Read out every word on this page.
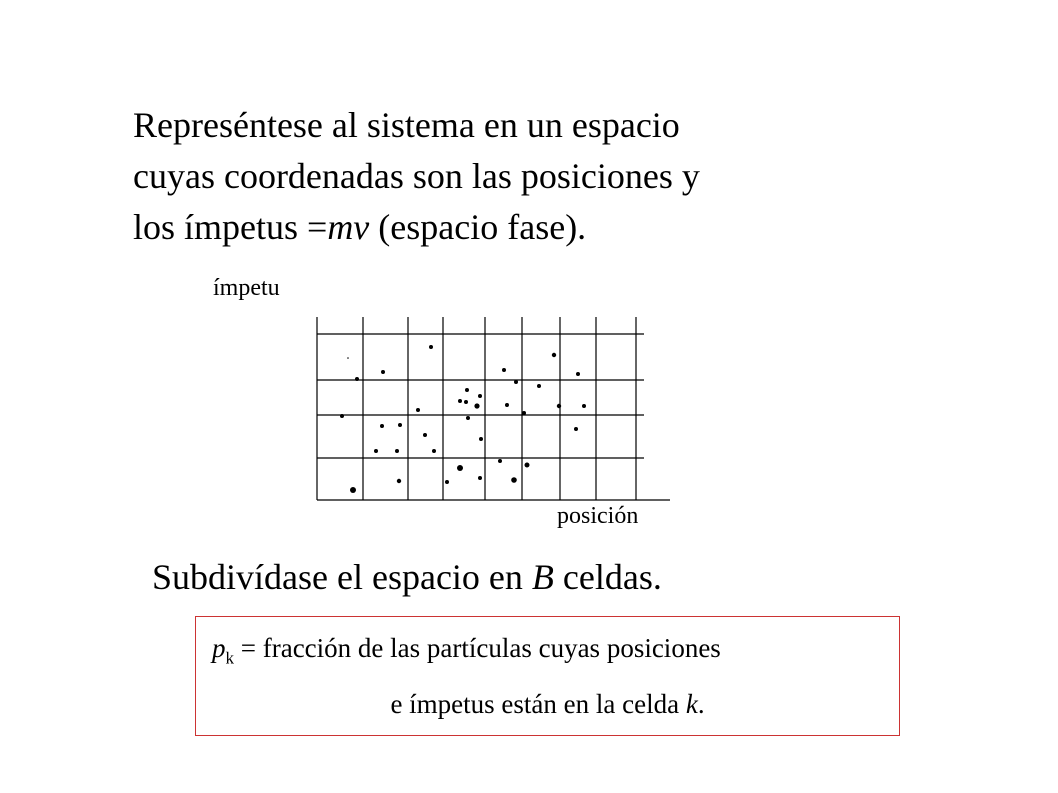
Represéntese al sistema en un espacio
cuyas coordenadas son las posiciones y
los ímpetus =mv (espacio fase).
ímpetu
posición
Subdivídase el espacio en B celdas.
$p_k$ = fracción de las partículas cuyas posiciones
e ímpetus están en la celda k.
